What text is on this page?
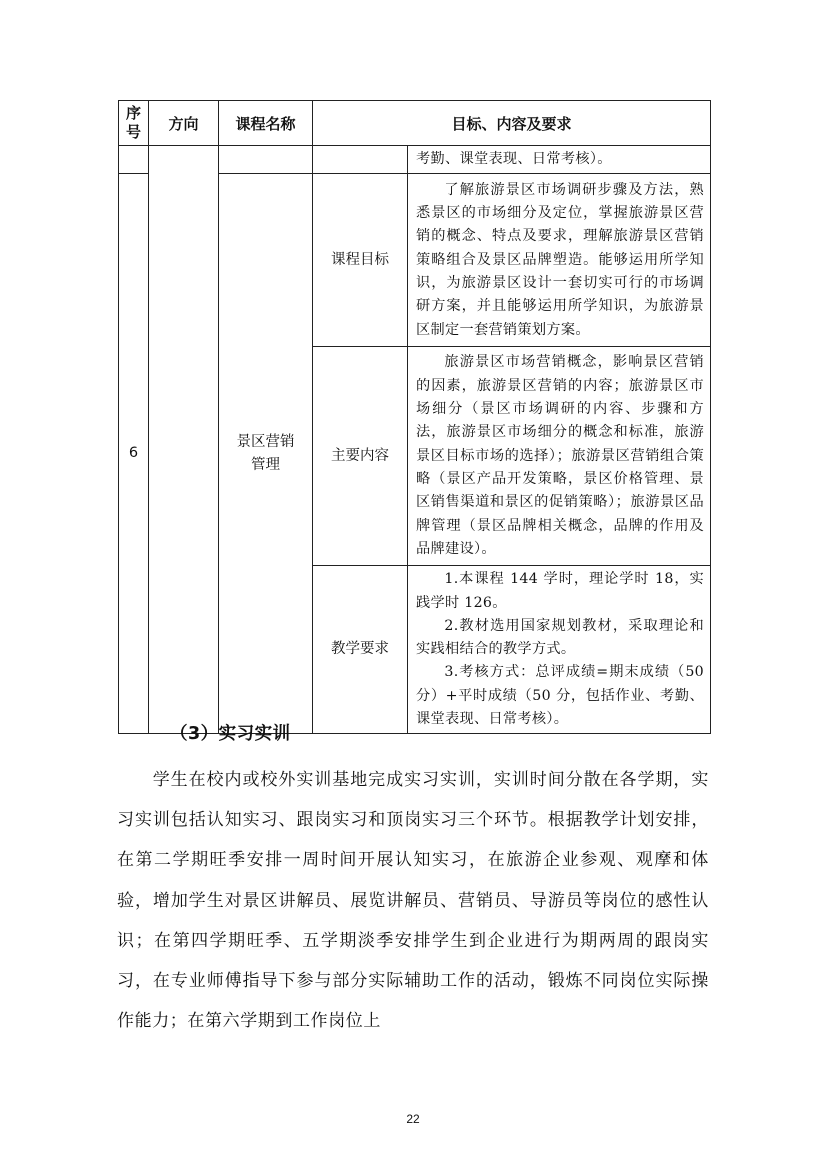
序号	方向	课程名称	目标、内容及要求	
				考勤、课堂表现、日常考核）。
6		景区营销管理	课程目标	了解旅游景区市场调研步骤及方法，熟悉景区的市场细分及定位，掌握旅游景区营销的概念、特点及要求，理解旅游景区营销策略组合及景区品牌塑造。能够运用所学知识，为旅游景区设计一套切实可行的市场调研方案，并且能够运用所学知识，为旅游景区制定一套营销策划方案。

			主要内容	旅游景区市场营销概念，影响景区营销的因素，旅游景区营销的内容；旅游景区市场细分（景区市场调研的内容、步骤和方法，旅游景区市场细分的概念和标准，旅游景区目标市场的选择）；旅游景区营销组合策略（景区产品开发策略，景区价格管理、景区销售渠道和景区的促销策略）；旅游景区品牌管理（景区品牌相关概念，品牌的作用及品牌建设）。

			教学要求	1.本课程 144 学时，理论学时 18，实践学时 126。

2.教材选用国家规划教材，采取理论和实践相结合的教学方式。

3.考核方式：总评成绩=期末成绩（50 分）+平时成绩（50 分，包括作业、考勤、课堂表现、日常考核）。

（3）实习实训

学生在校内或校外实训基地完成实习实训，实训时间分散在各学期，实习实训包括认知实习、跟岗实习和顶岗实习三个环节。根据教学计划安排，在第二学期旺季安排一周时间开展认知实习，在旅游企业参观、观摩和体验，增加学生对景区讲解员、展览讲解员、营销员、导游员等岗位的感性认识；在第四学期旺季、五学期淡季安排学生到企业进行为期两周的跟岗实习，在专业师傅指导下参与部分实际辅助工作的活动，锻炼不同岗位实际操作能力；在第六学期到工作岗位上

22
